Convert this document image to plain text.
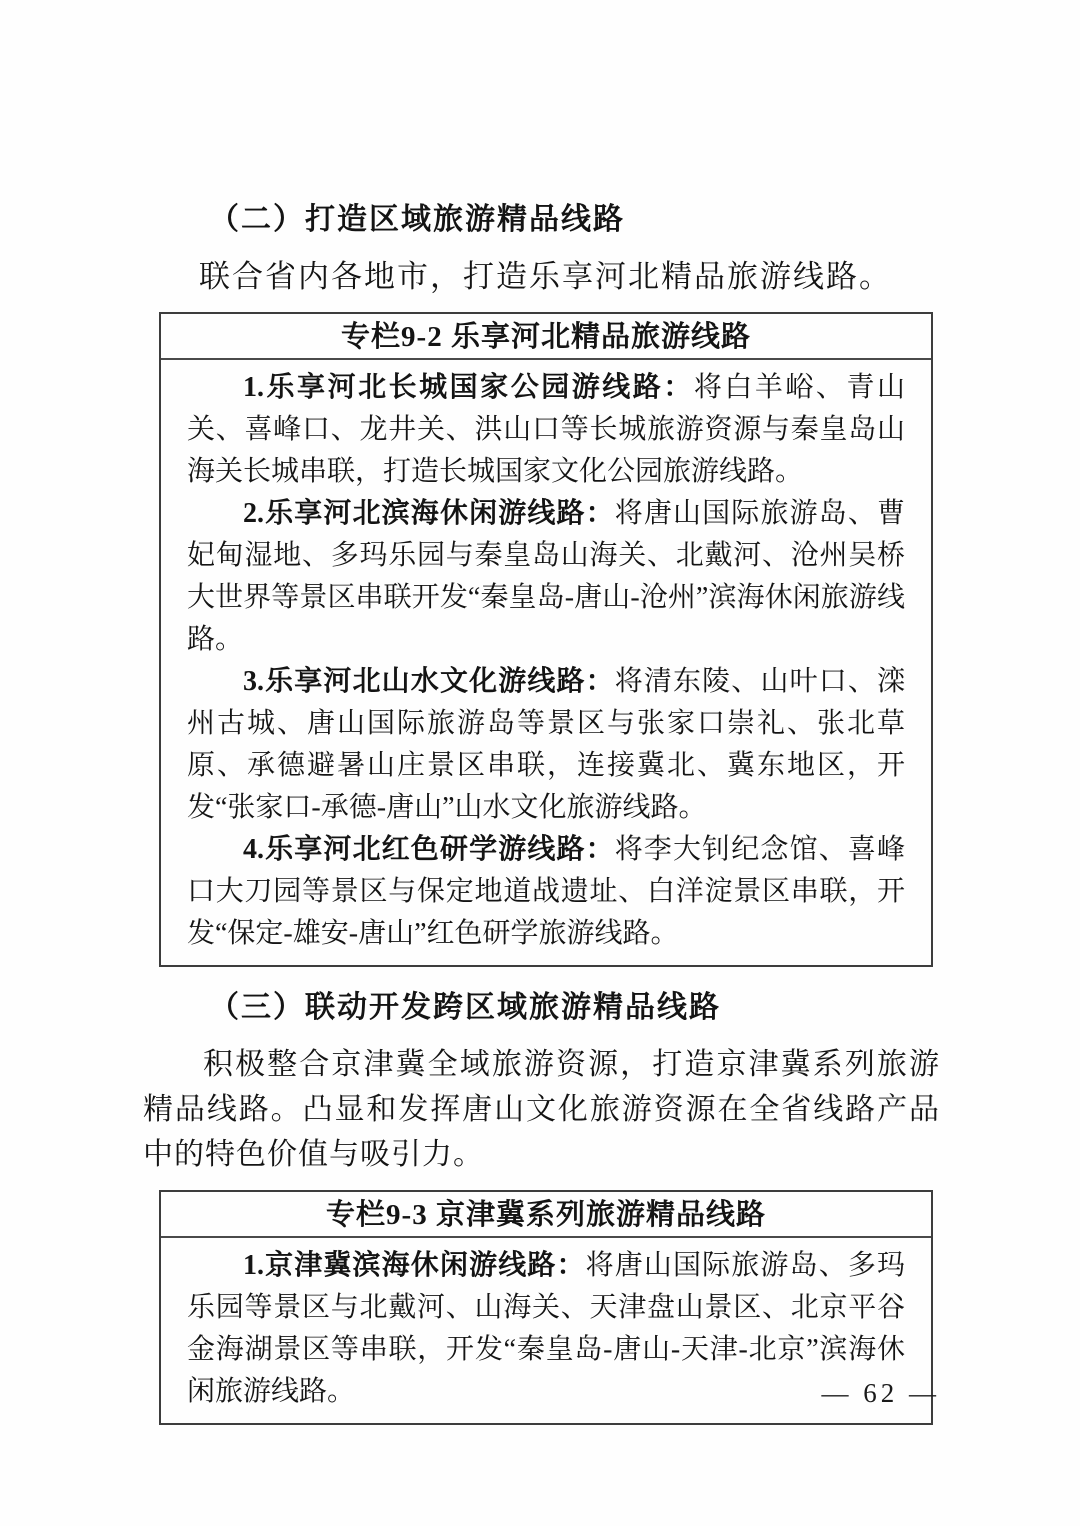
（二）打造区域旅游精品线路

联合省内各地市，打造乐享河北精品旅游线路。

专栏9-2 乐享河北精品旅游线路

1.乐享河北长城国家公园游线路：将白羊峪、青山关、喜峰口、龙井关、洪山口等长城旅游资源与秦皇岛山海关长城串联，打造长城国家文化公园旅游线路。

2.乐享河北滨海休闲游线路：将唐山国际旅游岛、曹妃甸湿地、多玛乐园与秦皇岛山海关、北戴河、沧州吴桥大世界等景区串联开发“秦皇岛-唐山-沧州”滨海休闲旅游线路。

3.乐享河北山水文化游线路：将清东陵、山叶口、滦州古城、唐山国际旅游岛等景区与张家口崇礼、张北草原、承德避暑山庄景区串联，连接冀北、冀东地区，开发“张家口-承德-唐山”山水文化旅游线路。

4.乐享河北红色研学游线路：将李大钊纪念馆、喜峰口大刀园等景区与保定地道战遗址、白洋淀景区串联，开发“保定-雄安-唐山”红色研学旅游线路。

（三）联动开发跨区域旅游精品线路

积极整合京津冀全域旅游资源，打造京津冀系列旅游精品线路。凸显和发挥唐山文化旅游资源在全省线路产品中的特色价值与吸引力。

专栏9-3 京津冀系列旅游精品线路

1.京津冀滨海休闲游线路：将唐山国际旅游岛、多玛乐园等景区与北戴河、山海关、天津盘山景区、北京平谷金海湖景区等串联，开发“秦皇岛-唐山-天津-北京”滨海休闲旅游线路。	— 62 —
